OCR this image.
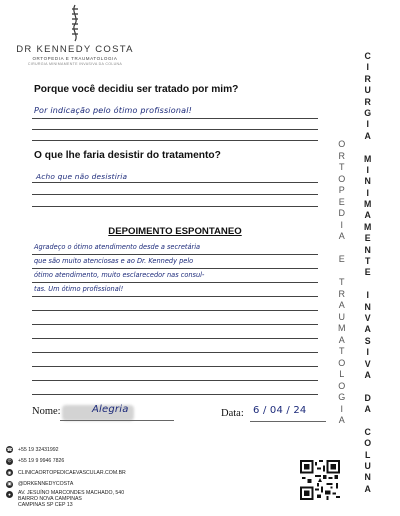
DR KENNEDY COSTA
ORTOPEDIA E TRAUMATOLOGIA
CIRURGIA MINIMAMENTE INVASIVA DA COLUNA

Porque você decidiu ser tratado por mim?

Por indicação pelo ótimo profissional!

O que lhe faria desistir do tratamento?

Acho que não desistiria

DEPOIMENTO ESPONTANEO

Agradeço o ótimo atendimento desde a secretária
que são muito atenciosas e ao Dr. Kennedy pelo
ótimo atendimento, muito esclarecedor nas consul-
tas. Um ótimo profissional!
Nome:	Alegria	Data: 6 / 04 / 24
O
R
T
O
P
E
D
I
A

E

T
R
A
U
M
A
T
O
L
O
G
I
A
C
I
R
U
R
G
I
A

M
I
N
I
M
A
M
E
N
T
E

I
N
V
A
S
I
V
A

D
A

C
O
L
U
N
A
☎ +55 19 32431992
✆	+55 19 9 9946 7826
◉ CLINICAORTOPEDICAEVASCULAR.COM.BR
▣ @DRKENNEDYCOSTA
●	AV. JESUÍNO MARCONDES MACHADO, 540
BAIRRO NOVA CAMPINAS
CAMPINAS SP CEP 13
